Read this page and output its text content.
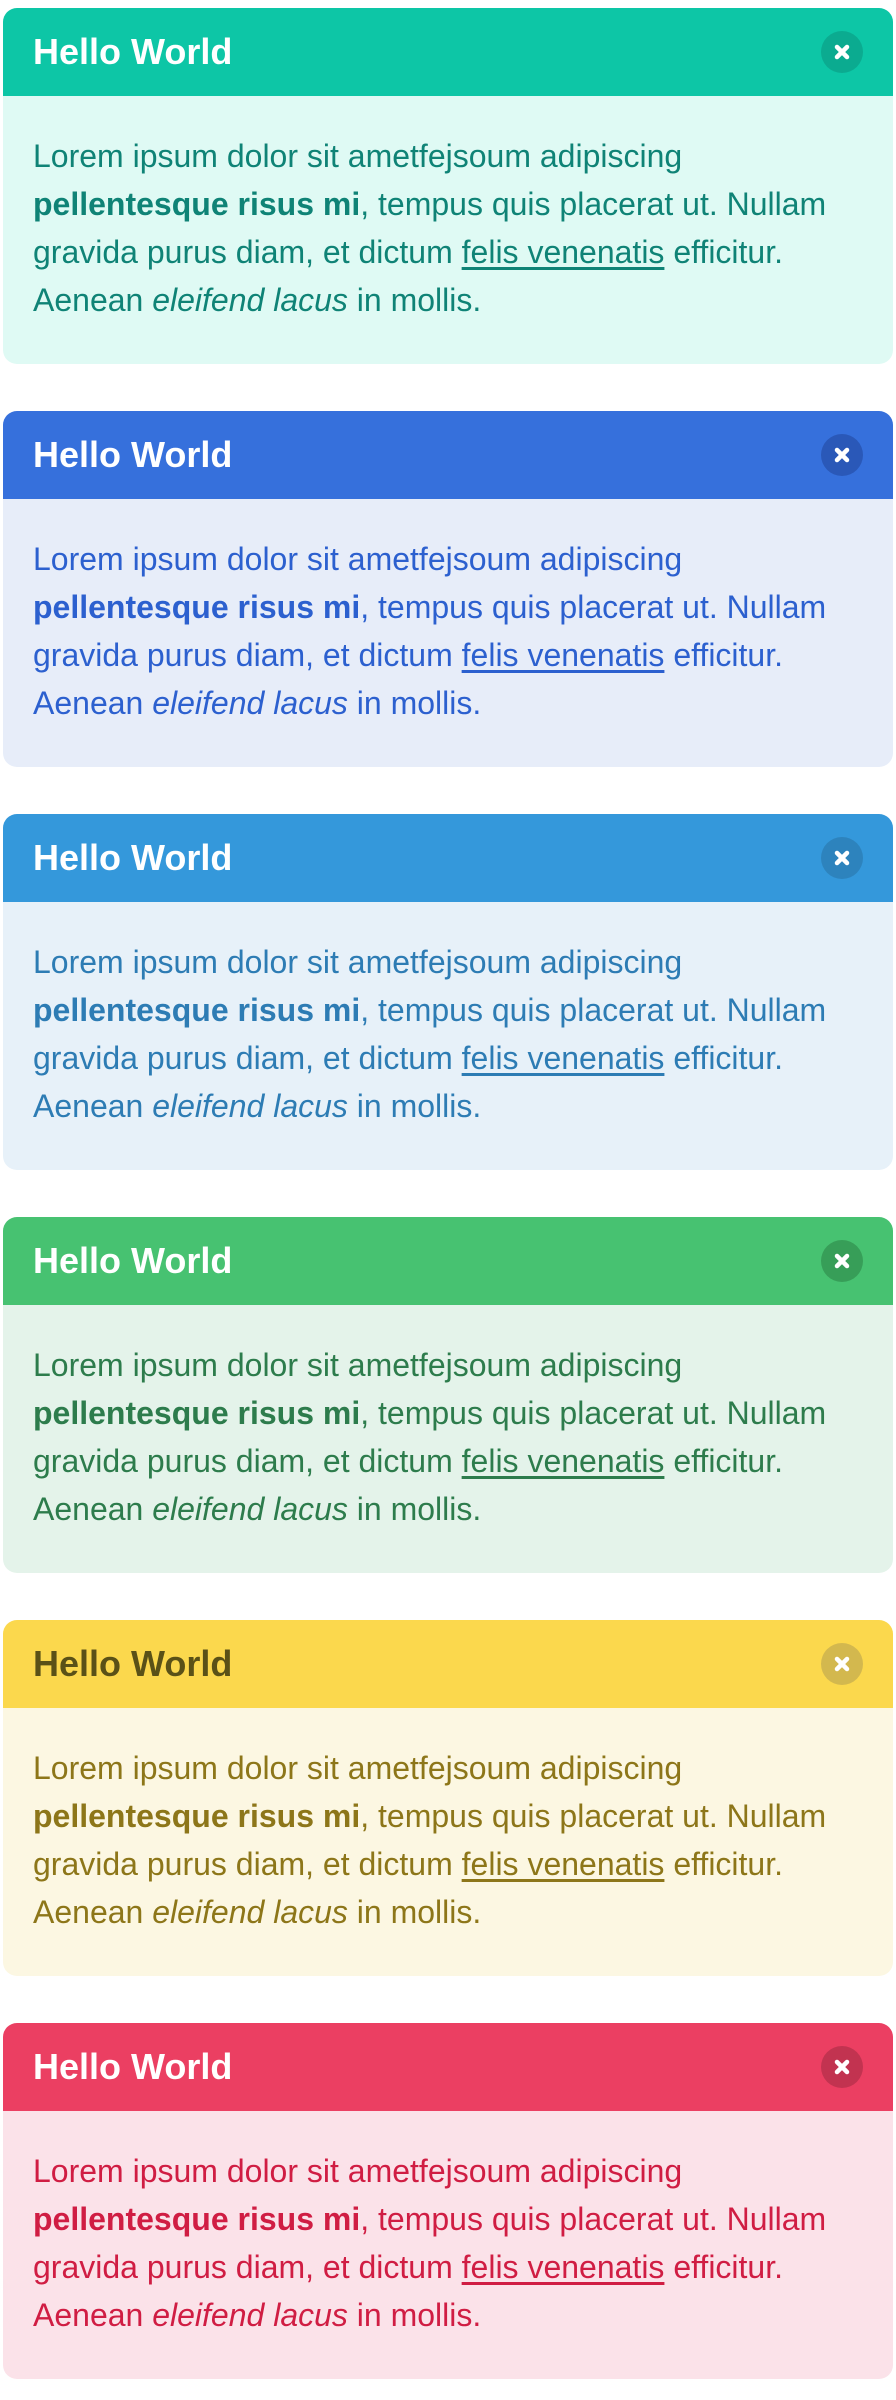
Hello World

Lorem ipsum dolor sit ametfejsoum adipiscing pellentesque risus mi, tempus quis placerat ut. Nullam gravida purus diam, et dictum felis venenatis efficitur. Aenean eleifend lacus in mollis.

Hello World

Lorem ipsum dolor sit ametfejsoum adipiscing pellentesque risus mi, tempus quis placerat ut. Nullam gravida purus diam, et dictum felis venenatis efficitur. Aenean eleifend lacus in mollis.

Hello World

Lorem ipsum dolor sit ametfejsoum adipiscing pellentesque risus mi, tempus quis placerat ut. Nullam gravida purus diam, et dictum felis venenatis efficitur. Aenean eleifend lacus in mollis.

Hello World

Lorem ipsum dolor sit ametfejsoum adipiscing pellentesque risus mi, tempus quis placerat ut. Nullam gravida purus diam, et dictum felis venenatis efficitur. Aenean eleifend lacus in mollis.

Hello World

Lorem ipsum dolor sit ametfejsoum adipiscing pellentesque risus mi, tempus quis placerat ut. Nullam gravida purus diam, et dictum felis venenatis efficitur. Aenean eleifend lacus in mollis.

Hello World

Lorem ipsum dolor sit ametfejsoum adipiscing pellentesque risus mi, tempus quis placerat ut. Nullam gravida purus diam, et dictum felis venenatis efficitur. Aenean eleifend lacus in mollis.
